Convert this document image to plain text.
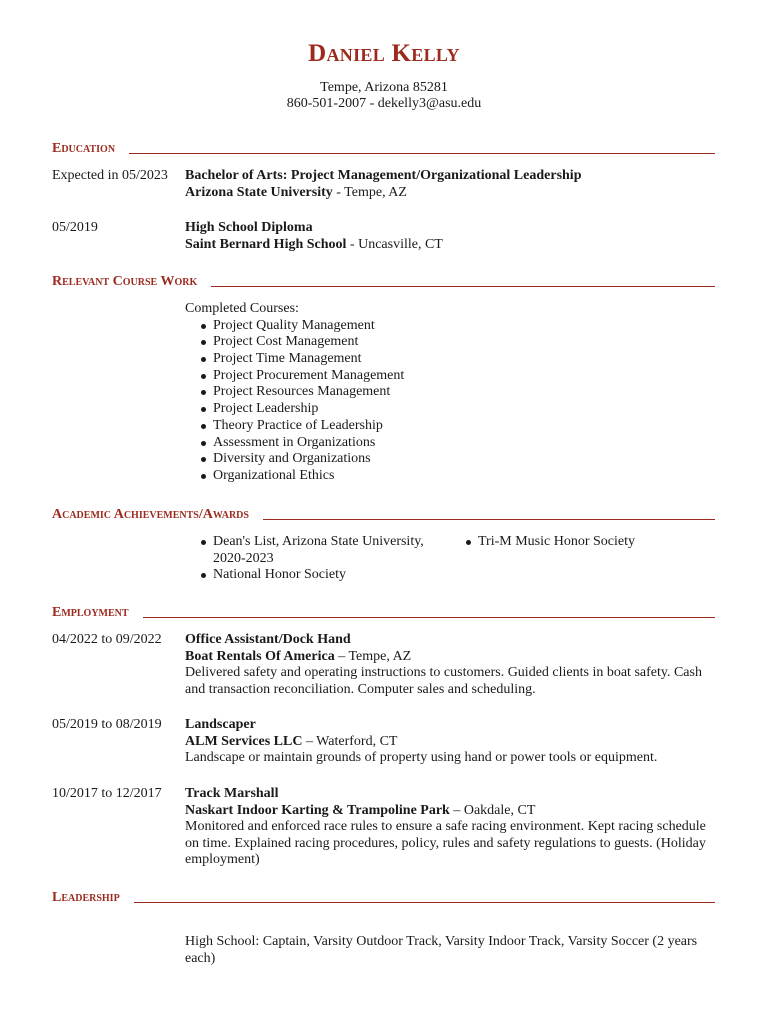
Daniel Kelly
Tempe, Arizona 85281
860-501-2007 - dekelly3@asu.edu
Education
Expected in 05/2023 Bachelor of Arts: Project Management/Organizational Leadership
Arizona State University - Tempe, AZ
05/2019	High School Diploma
Saint Bernard High School - Uncasville, CT
Relevant Course Work
Completed Courses:
Project Quality Management
Project Cost Management
Project Time Management
Project Procurement Management
Project Resources Management
Project Leadership
Theory Practice of Leadership
Assessment in Organizations
Diversity and Organizations
Organizational Ethics
Academic Achievements/Awards
Dean's List, Arizona State University, 2020-2023
National Honor Society
Tri-M Music Honor Society
Employment
04/2022 to 09/2022 Office Assistant/Dock Hand
Boat Rentals Of America – Tempe, AZ
Delivered safety and operating instructions to customers. Guided clients in boat safety. Cash and transaction reconciliation. Computer sales and scheduling.
05/2019 to 08/2019 Landscaper
ALM Services LLC – Waterford, CT
Landscape or maintain grounds of property using hand or power tools or equipment.
10/2017 to 12/2017 Track Marshall
Naskart Indoor Karting & Trampoline Park – Oakdale, CT
Monitored and enforced race rules to ensure a safe racing environment. Kept racing schedule on time. Explained racing procedures, policy, rules and safety regulations to guests. (Holiday employment)
Leadership
High School: Captain, Varsity Outdoor Track, Varsity Indoor Track, Varsity Soccer (2 years each)
